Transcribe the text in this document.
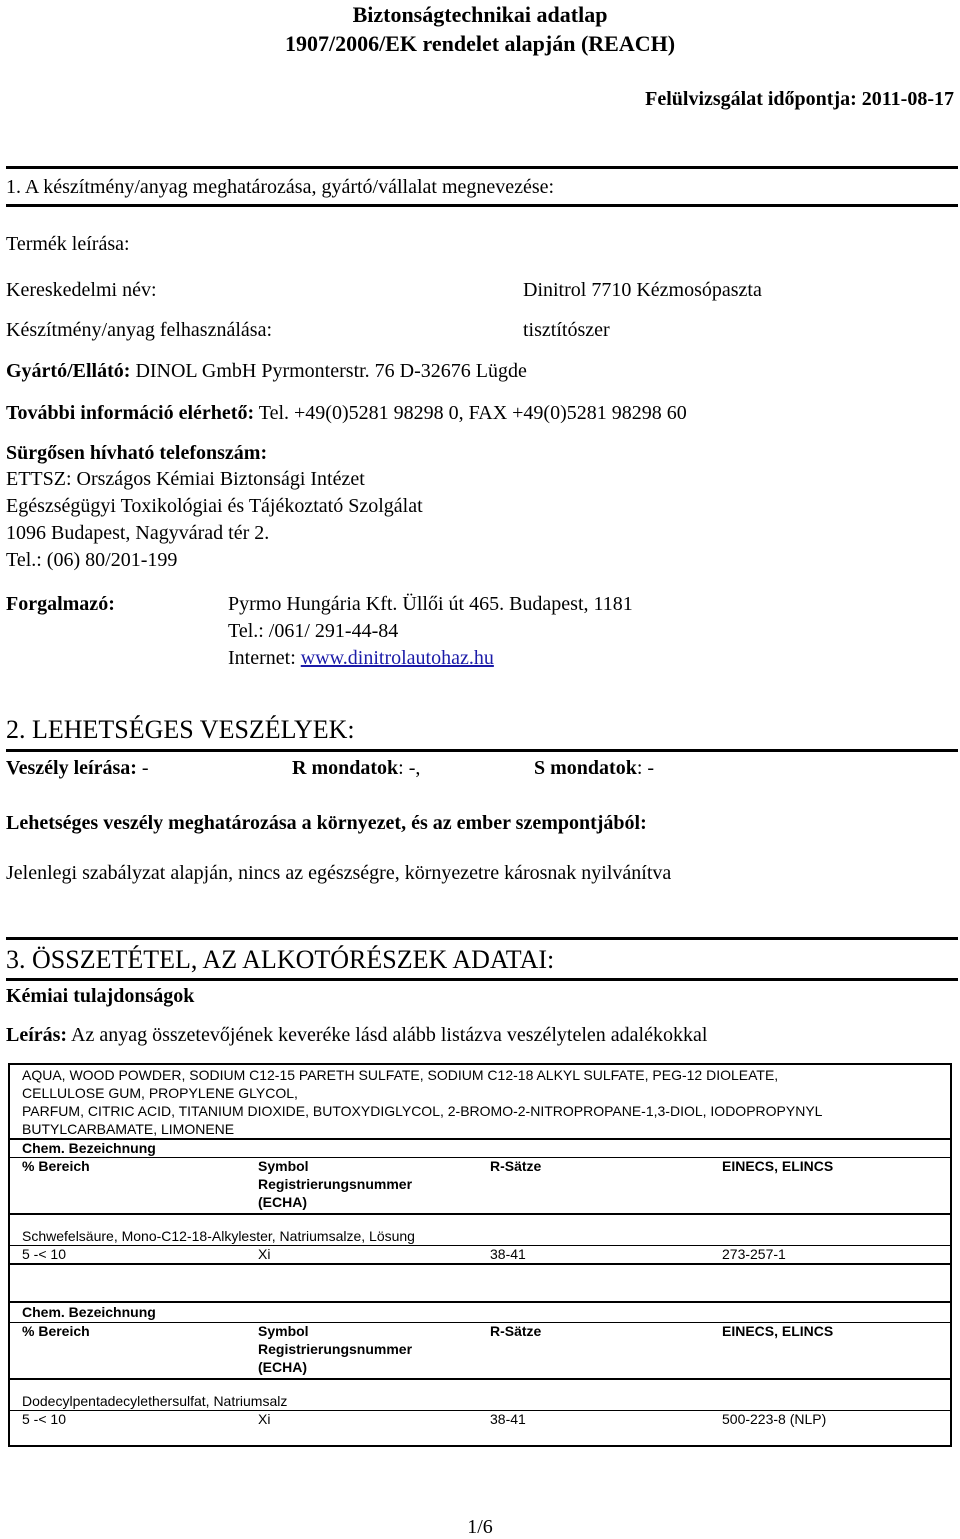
Biztonságtechnikai adatlap
1907/2006/EK rendelet alapján (REACH)
Felülvizsgálat időpontja: 2011-08-17
1. A készítmény/anyag meghatározása, gyártó/vállalat megnevezése:
Termék leírása:
Kereskedelmi név:	Dinitrol 7710 Kézmosópaszta
Készítmény/anyag felhasználása:	tisztítószer
Gyártó/Ellátó: DINOL GmbH Pyrmonterstr. 76 D-32676 Lügde
További információ elérhető: Tel. +49(0)5281 98298 0, FAX +49(0)5281 98298 60
Sürgősen hívható telefonszám:
ETTSZ: Országos Kémiai Biztonsági Intézet
Egészségügyi Toxikológiai és Tájékoztató Szolgálat
1096 Budapest, Nagyvárad tér 2.
Tel.: (06) 80/201-199
Forgalmazó:	Pyrmo Hungária Kft. Üllői út 465. Budapest, 1181
Tel.: /061/ 291-44-84
Internet: www.dinitrolautohaz.hu
2. LEHETSÉGES VESZÉLYEK:
Veszély leírása: -	R mondatok: -,	S mondatok: -
Lehetséges veszély meghatározása a környezet, és az ember szempontjából:
Jelenlegi szabályzat alapján, nincs az egészségre, környezetre károsnak nyilvánítva
3. ÖSSZETÉTEL, AZ ALKOTÓRÉSZEK ADATAI:
Kémiai tulajdonságok
Leírás: Az anyag összetevőjének keveréke lásd alább listázva veszélytelen adalékokkal
AQUA, WOOD POWDER, SODIUM C12-15 PARETH SULFATE, SODIUM C12-18 ALKYL SULFATE, PEG-12 DIOLEATE,
CELLULOSE GUM, PROPYLENE GLYCOL,
PARFUM, CITRIC ACID, TITANIUM DIOXIDE, BUTOXYDIGLYCOL, 2-BROMO-2-NITROPROPANE-1,3-DIOL, IODOPROPYNYL
BUTYLCARBAMATE, LIMONENE
Chem. Bezeichnung
% Bereich	Symbol	R-Sätze	EINECS, ELINCS
Registrierungsnummer
(ECHA)
Schwefelsäure, Mono-C12-18-Alkylester, Natriumsalze, Lösung
5 -< 10	Xi	38-41	273-257-1
Chem. Bezeichnung
% Bereich	Symbol	R-Sätze	EINECS, ELINCS
Registrierungsnummer
(ECHA)
Dodecylpentadecylethersulfat, Natriumsalz
5 -< 10	Xi	38-41	500-223-8 (NLP)
1/6
